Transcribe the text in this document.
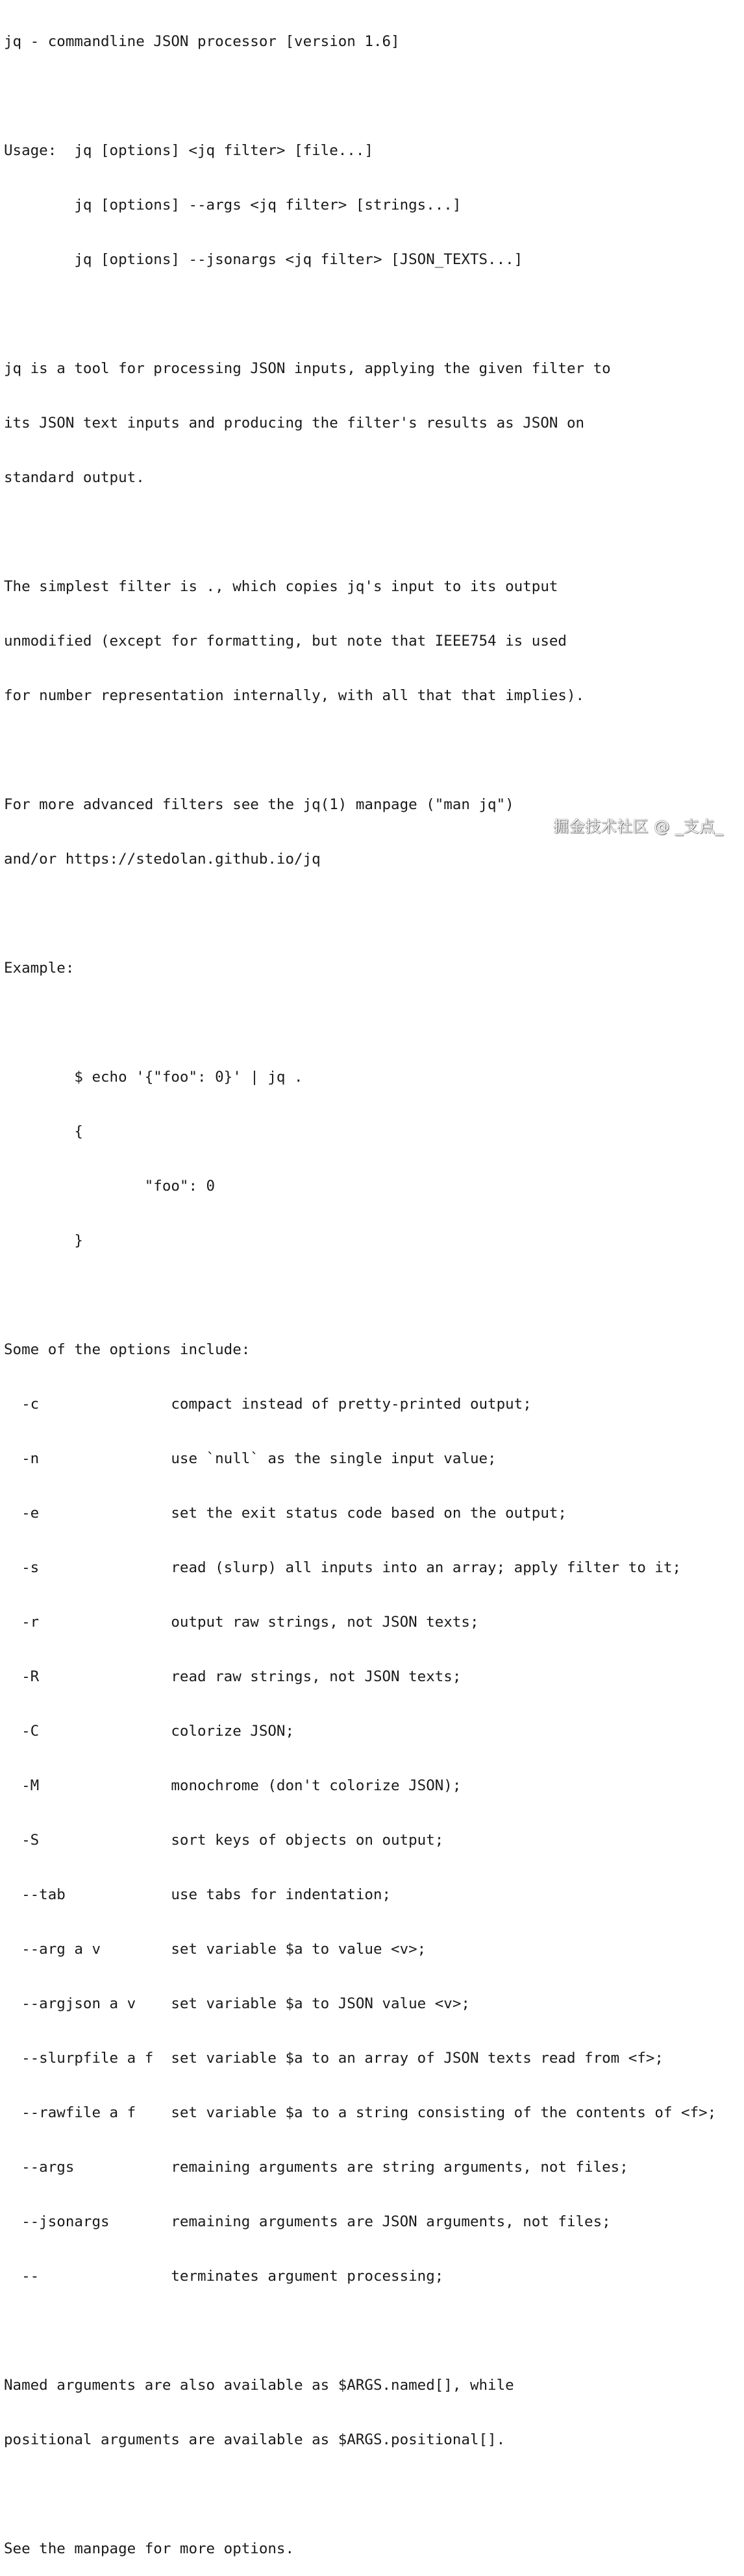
jq - commandline JSON processor [version 1.6]

Usage:  jq [options] <jq filter> [file...]

jq [options] --args <jq filter> [strings...]

jq [options] --jsonargs <jq filter> [JSON_TEXTS...]

jq is a tool for processing JSON inputs, applying the given filter to

its JSON text inputs and producing the filter's results as JSON on

standard output.

The simplest filter is ., which copies jq's input to its output

unmodified (except for formatting, but note that IEEE754 is used

for number representation internally, with all that that implies).

For more advanced filters see the jq(1) manpage ("man jq")

and/or https://stedolan.github.io/jq

Example:

$ echo '{"foo": 0}' | jq .

{

"foo": 0

}

Some of the options include:

-c               compact instead of pretty-printed output;

-n               use `null` as the single input value;

-e               set the exit status code based on the output;

-s               read (slurp) all inputs into an array; apply filter to it;

-r               output raw strings, not JSON texts;

-R               read raw strings, not JSON texts;

-C               colorize JSON;

-M               monochrome (don't colorize JSON);

-S               sort keys of objects on output;

--tab            use tabs for indentation;

--arg a v        set variable $a to value <v>;

--argjson a v    set variable $a to JSON value <v>;

--slurpfile a f  set variable $a to an array of JSON texts read from <f>;

--rawfile a f    set variable $a to a string consisting of the contents of <f>;

--args           remaining arguments are string arguments, not files;

--jsonargs       remaining arguments are JSON arguments, not files;

--               terminates argument processing;

Named arguments are also available as $ARGS.named[], while

positional arguments are available as $ARGS.positional[].

See the manpage for more options.

掘金技术社区 @ _支点_
